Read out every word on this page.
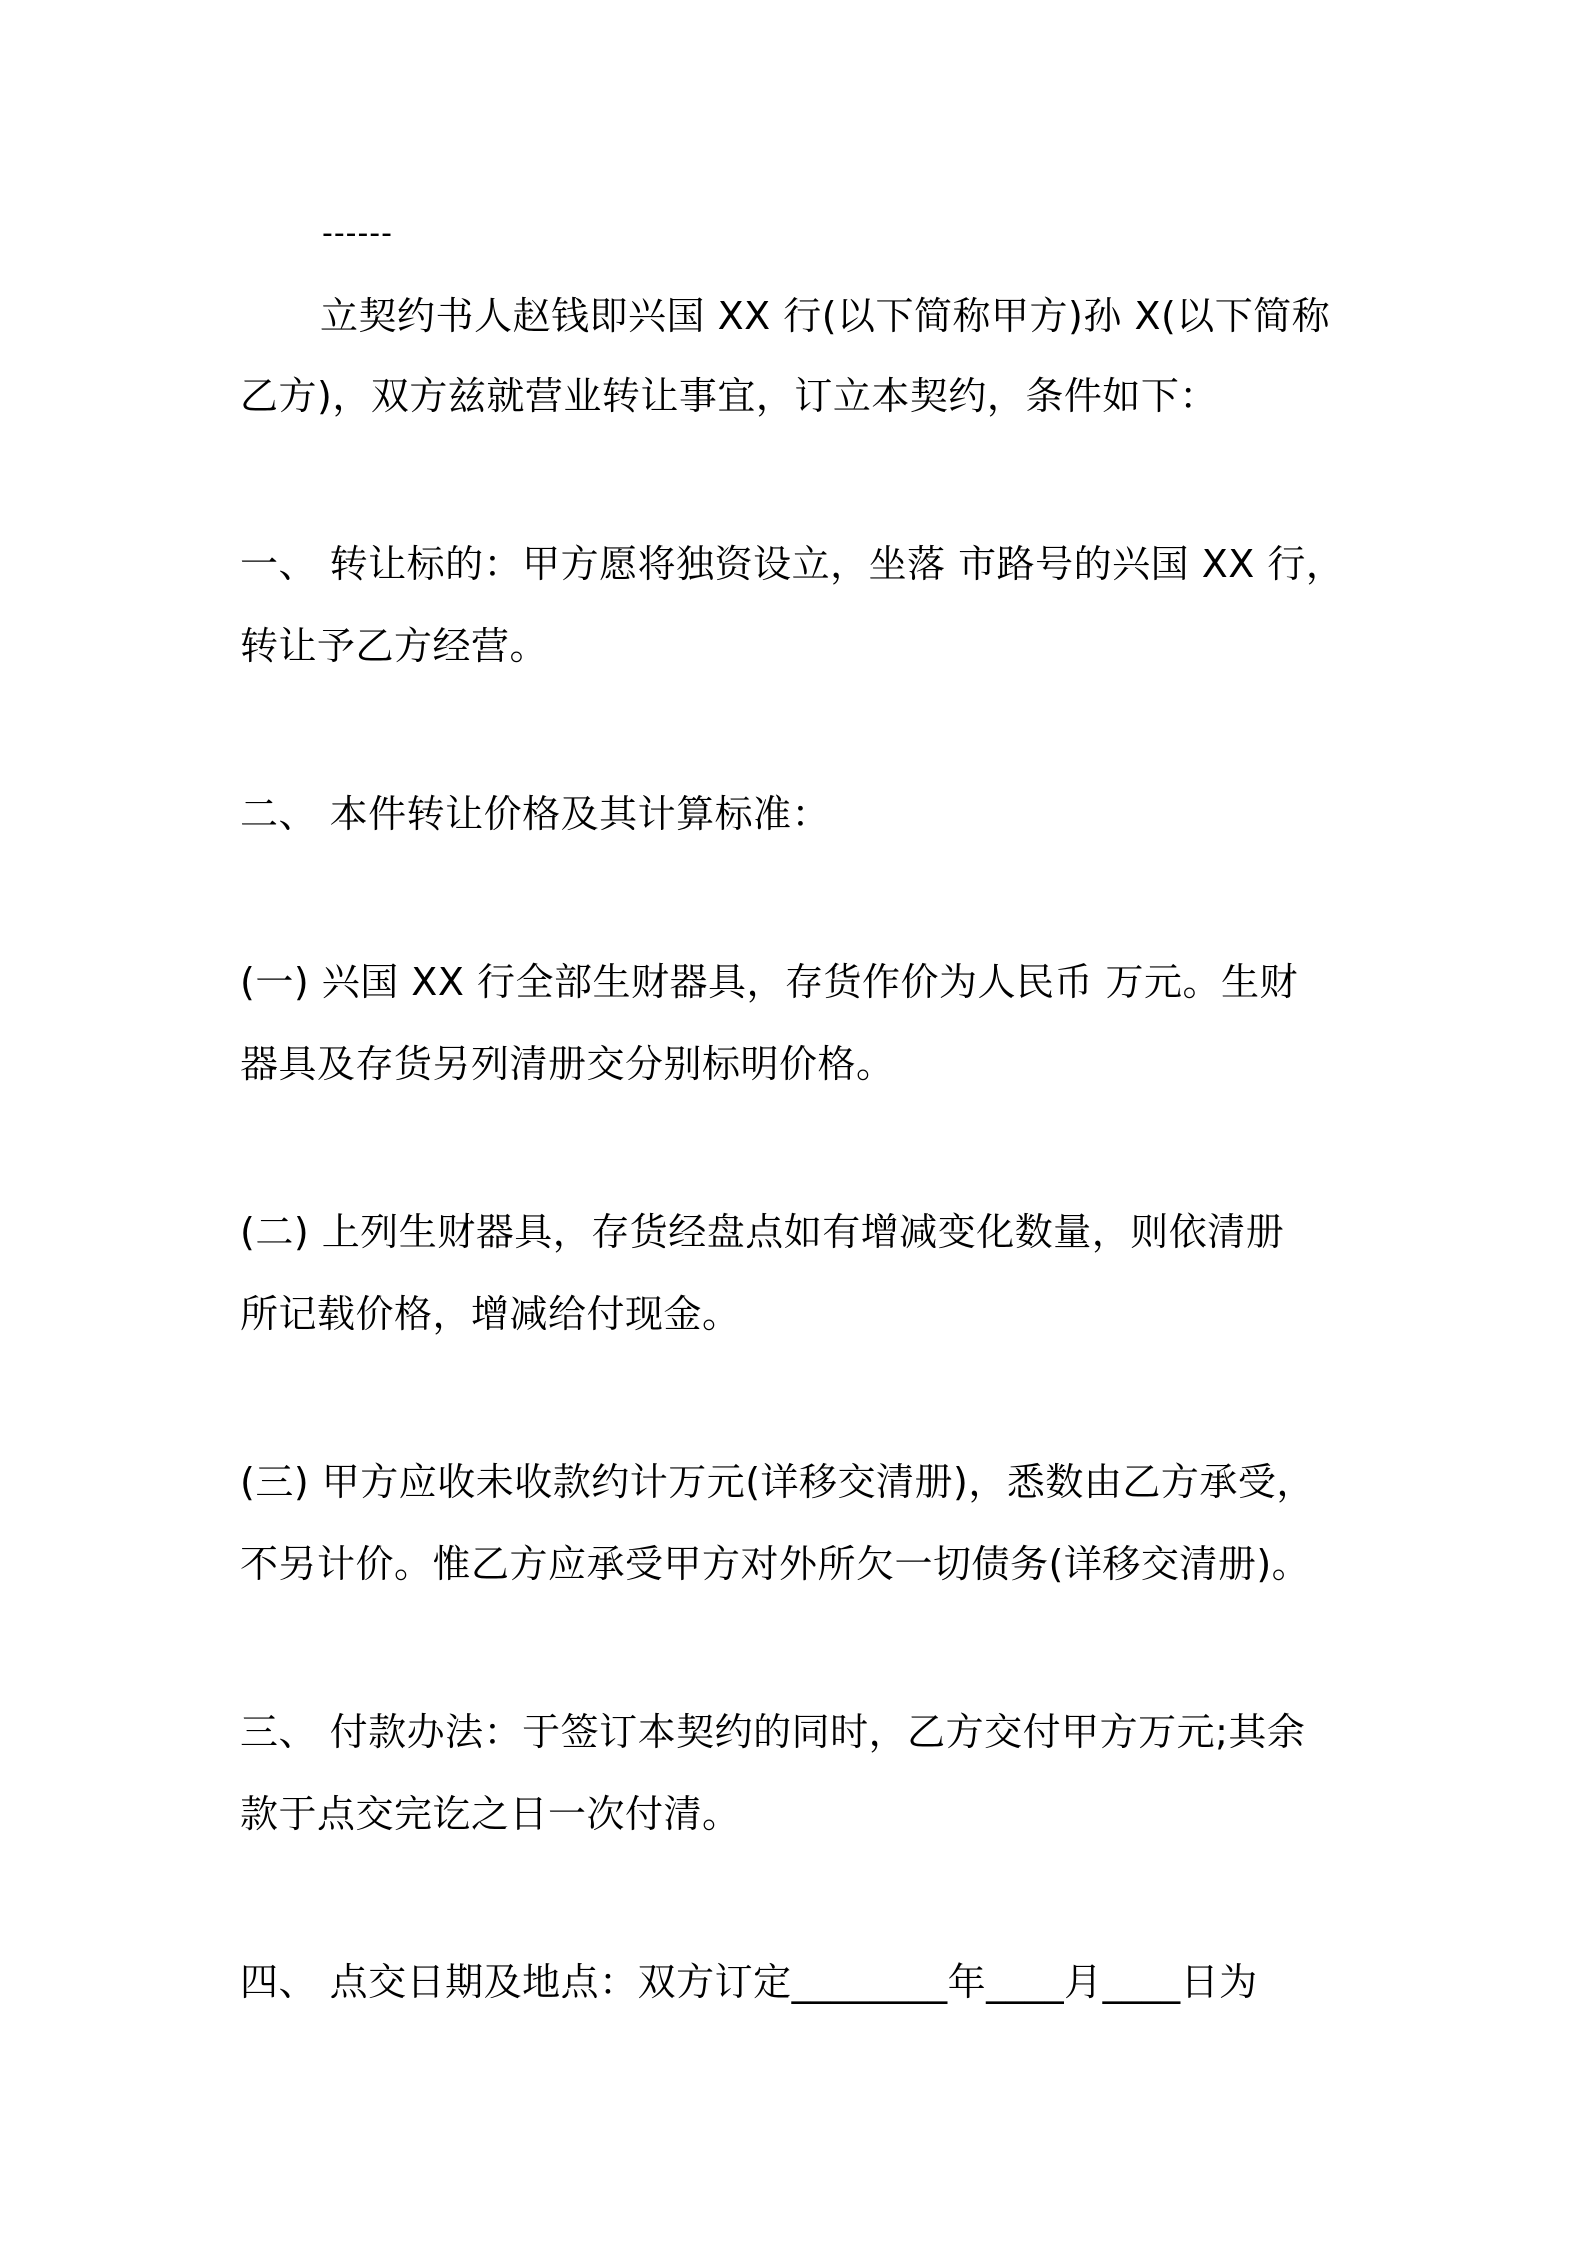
------
立契约书人赵钱即兴国 XX 行(以下简称甲方)孙 X(以下简称
乙方)，双方兹就营业转让事宜，订立本契约，条件如下：
一、 转让标的：甲方愿将独资设立，坐落 市路号的兴国 XX 行，
转让予乙方经营。
二、 本件转让价格及其计算标准：
(一) 兴国 XX 行全部生财器具，存货作价为人民币 万元。生财
器具及存货另列清册交分别标明价格。
(二) 上列生财器具，存货经盘点如有增减变化数量，则依清册
所记载价格，增减给付现金。
(三) 甲方应收未收款约计万元(详移交清册)，悉数由乙方承受，
不另计价。惟乙方应承受甲方对外所欠一切债务(详移交清册)。
三、 付款办法：于签订本契约的同时，乙方交付甲方万元;其余
款于点交完讫之日一次付清。
四、 点交日期及地点：双方订定________年____月____日为
